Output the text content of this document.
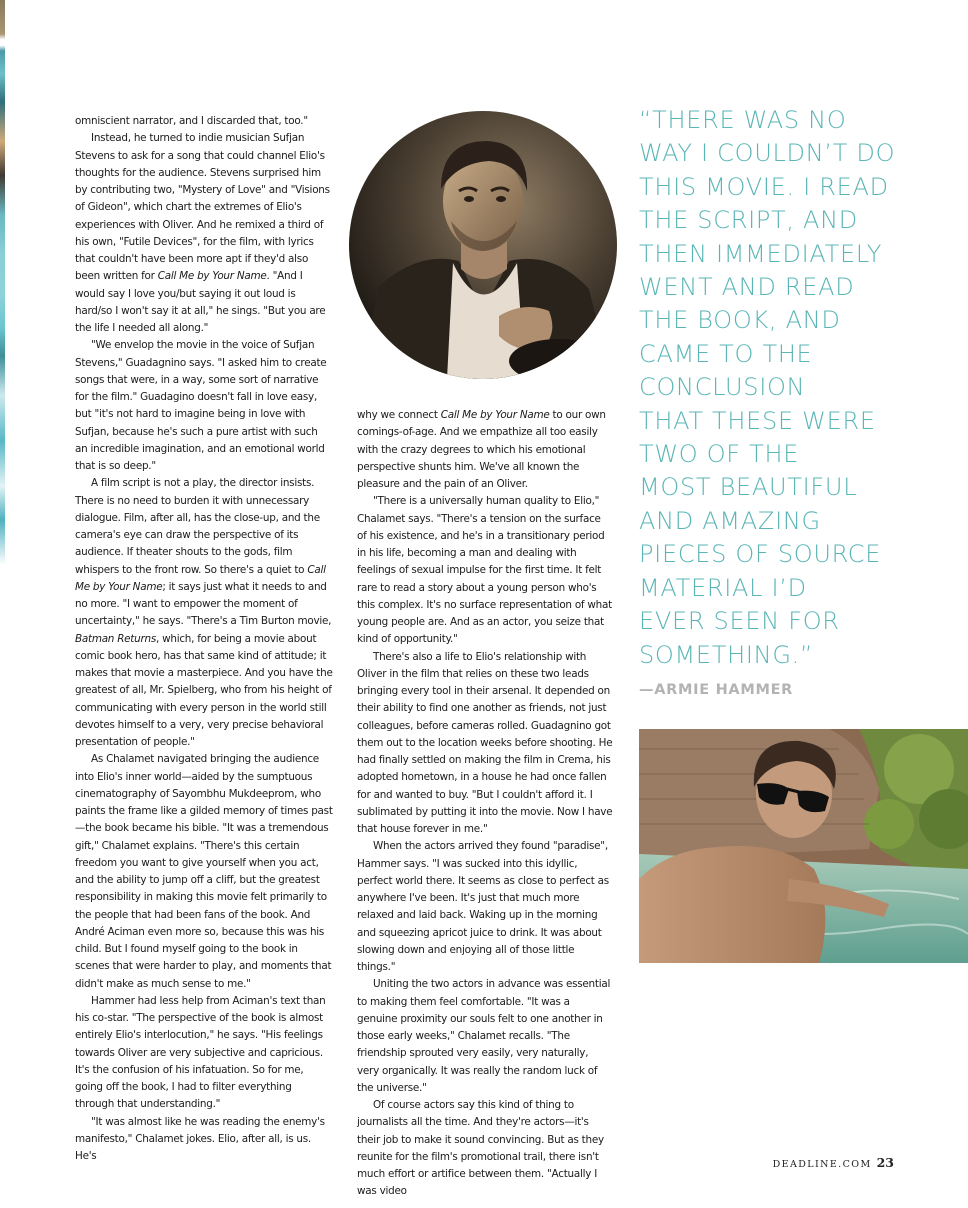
omniscient narrator, and I discarded that, too."

Instead, he turned to indie musician Sufjan Stevens to ask for a song that could channel Elio's thoughts for the audience. Stevens surprised him by contributing two, "Mystery of Love" and "Visions of Gideon", which chart the extremes of Elio's experiences with Oliver. And he remixed a third of his own, "Futile Devices", for the film, with lyrics that couldn't have been more apt if they'd also been written for Call Me by Your Name. "And I would say I love you/but saying it out loud is hard/so I won't say it at all," he sings. "But you are the life I needed all along."

"We envelop the movie in the voice of Sufjan Stevens," Guadagnino says. "I asked him to create songs that were, in a way, some sort of narrative for the film." Guadagino doesn't fall in love easy, but "it's not hard to imagine being in love with Sufjan, because he's such a pure artist with such an incredible imagination, and an emotional world that is so deep."

A film script is not a play, the director insists. There is no need to burden it with unnecessary dialogue. Film, after all, has the close-up, and the camera's eye can draw the perspective of its audience. If theater shouts to the gods, film whispers to the front row. So there's a quiet to Call Me by Your Name; it says just what it needs to and no more. "I want to empower the moment of uncertainty," he says. "There's a Tim Burton movie, Batman Returns, which, for being a movie about comic book hero, has that same kind of attitude; it makes that movie a masterpiece. And you have the greatest of all, Mr. Spielberg, who from his height of communicating with every person in the world still devotes himself to a very, very precise behavioral presentation of people."

As Chalamet navigated bringing the audience into Elio's inner world—aided by the sumptuous cinematography of Sayombhu Mukdeeprom, who paints the frame like a gilded memory of times past—the book became his bible. "It was a tremendous gift," Chalamet explains. "There's this certain freedom you want to give yourself when you act, and the ability to jump off a cliff, but the greatest responsibility in making this movie felt primarily to the people that had been fans of the book. And André Aciman even more so, because this was his child. But I found myself going to the book in scenes that were harder to play, and moments that didn't make as much sense to me."

Hammer had less help from Aciman's text than his co-star. "The perspective of the book is almost entirely Elio's interlocution," he says. "His feelings towards Oliver are very subjective and capricious. It's the confusion of his infatuation. So for me, going off the book, I had to filter everything through that understanding."

"It was almost like he was reading the enemy's manifesto," Chalamet jokes. Elio, after all, is us. He's

why we connect Call Me by Your Name to our own comings-of-age. And we empathize all too easily with the crazy degrees to which his emotional perspective shunts him. We've all known the pleasure and the pain of an Oliver.

"There is a universally human quality to Elio," Chalamet says. "There's a tension on the surface of his existence, and he's in a transitionary period in his life, becoming a man and dealing with feelings of sexual impulse for the first time. It felt rare to read a story about a young person who's this complex. It's no surface representation of what young people are. And as an actor, you seize that kind of opportunity."

There's also a life to Elio's relationship with Oliver in the film that relies on these two leads bringing every tool in their arsenal. It depended on their ability to find one another as friends, not just colleagues, before cameras rolled. Guadagnino got them out to the location weeks before shooting. He had finally settled on making the film in Crema, his adopted hometown, in a house he had once fallen for and wanted to buy. "But I couldn't afford it. I sublimated by putting it into the movie. Now I have that house forever in me."

When the actors arrived they found "paradise", Hammer says. "I was sucked into this idyllic, perfect world there. It seems as close to perfect as anywhere I've been. It's just that much more relaxed and laid back. Waking up in the morning and squeezing apricot juice to drink. It was about slowing down and enjoying all of those little things."

Uniting the two actors in advance was essential to making them feel comfortable. "It was a genuine proximity our souls felt to one another in those early weeks," Chalamet recalls. "The friendship sprouted very easily, very naturally, very organically. It was really the random luck of the universe."

Of course actors say this kind of thing to journalists all the time. And they're actors—it's their job to make it sound convincing. But as they reunite for the film's promotional trail, there isn't much effort or artifice between them. "Actually I was video

“THERE WAS NO
WAY I COULDN’T DO
THIS MOVIE. I READ
THE SCRIPT, AND
THEN IMMEDIATELY
WENT AND READ
THE BOOK, AND
CAME TO THE
CONCLUSION
THAT THESE WERE
TWO OF THE
MOST BEAUTIFUL
AND AMAZING
PIECES OF SOURCE
MATERIAL I’D
EVER SEEN FOR
SOMETHING.”
—ARMIE HAMMER
DEADLINE.COM 23
